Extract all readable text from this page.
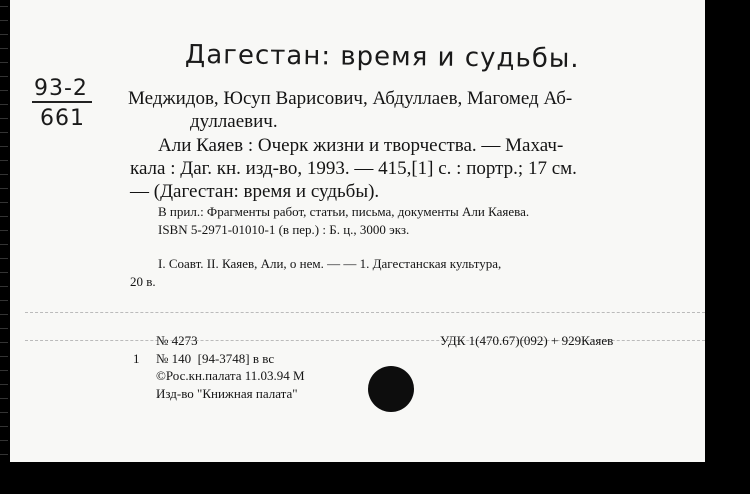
Дагестан: время и судьбы.
93-2
661
Меджидов, Юсуп Варисович, Абдуллаев, Магомед Аб-
дуллаевич.
Али Каяев : Очерк жизни и творчества. — Махач-
кала : Даг. кн. изд-во, 1993. — 415,[1] с. : портр.; 17 см.
— (Дагестан: время и судьбы).
В прил.: Фрагменты работ, статьи, письма, документы Али Каяева.
ISBN 5-2971-01010-1 (в пер.) : Б. ц., 3000 экз.
I. Соавт. II. Каяев, Али, о нем. — — 1. Дагестанская культура,
20 в.
№ 4273	УДК 1(470.67)(092) + 929Каяев
1 № 140  [94-3748] в вс
©Рос.кн.палата 11.03.94 М
Изд-во "Книжная палата"
